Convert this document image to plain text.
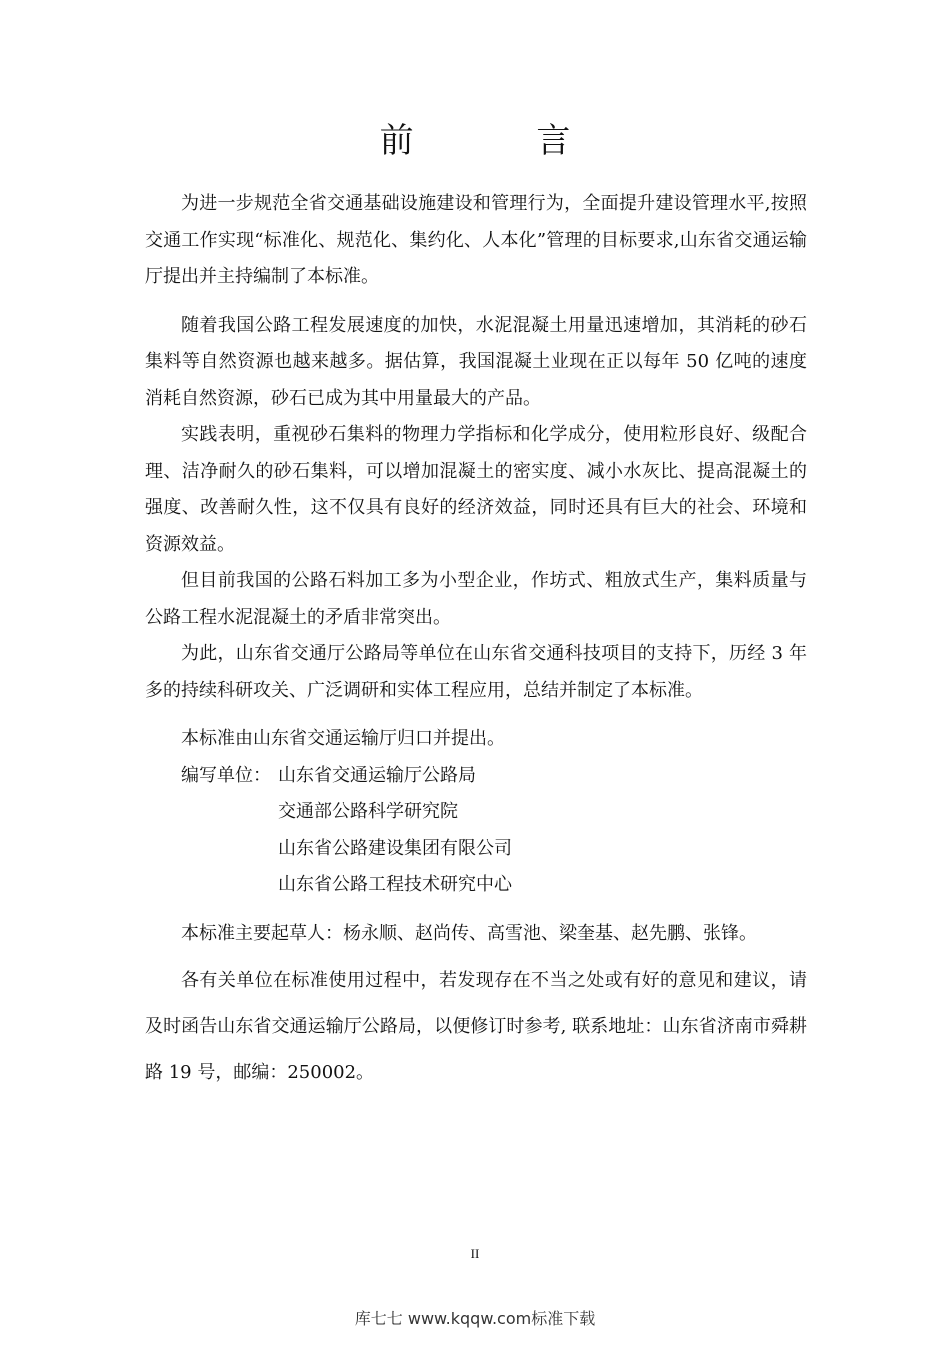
前 言

为进一步规范全省交通基础设施建设和管理行为，全面提升建设管理水平,按照交通工作实现“标准化、规范化、集约化、人本化”管理的目标要求,山东省交通运输厅提出并主持编制了本标准。

随着我国公路工程发展速度的加快，水泥混凝土用量迅速增加，其消耗的砂石集料等自然资源也越来越多。据估算，我国混凝土业现在正以每年 50 亿吨的速度消耗自然资源，砂石已成为其中用量最大的产品。

实践表明，重视砂石集料的物理力学指标和化学成分，使用粒形良好、级配合理、洁净耐久的砂石集料，可以增加混凝土的密实度、减小水灰比、提高混凝土的强度、改善耐久性，这不仅具有良好的经济效益，同时还具有巨大的社会、环境和资源效益。

但目前我国的公路石料加工多为小型企业，作坊式、粗放式生产，集料质量与公路工程水泥混凝土的矛盾非常突出。

为此，山东省交通厅公路局等单位在山东省交通科技项目的支持下，历经 3 年多的持续科研攻关、广泛调研和实体工程应用，总结并制定了本标准。

本标准由山东省交通运输厅归口并提出。

编写单位： 山东省交通运输厅公路局
交通部公路科学研究院
山东省公路建设集团有限公司
山东省公路工程技术研究中心

本标准主要起草人：杨永顺、赵尚传、高雪池、梁奎基、赵先鹏、张锋。

各有关单位在标准使用过程中，若发现存在不当之处或有好的意见和建议，请及时函告山东省交通运输厅公路局，以便修订时参考, 联系地址：山东省济南市舜耕路 19 号，邮编：250002。

II
库七七 www.kqqw.com标准下载
